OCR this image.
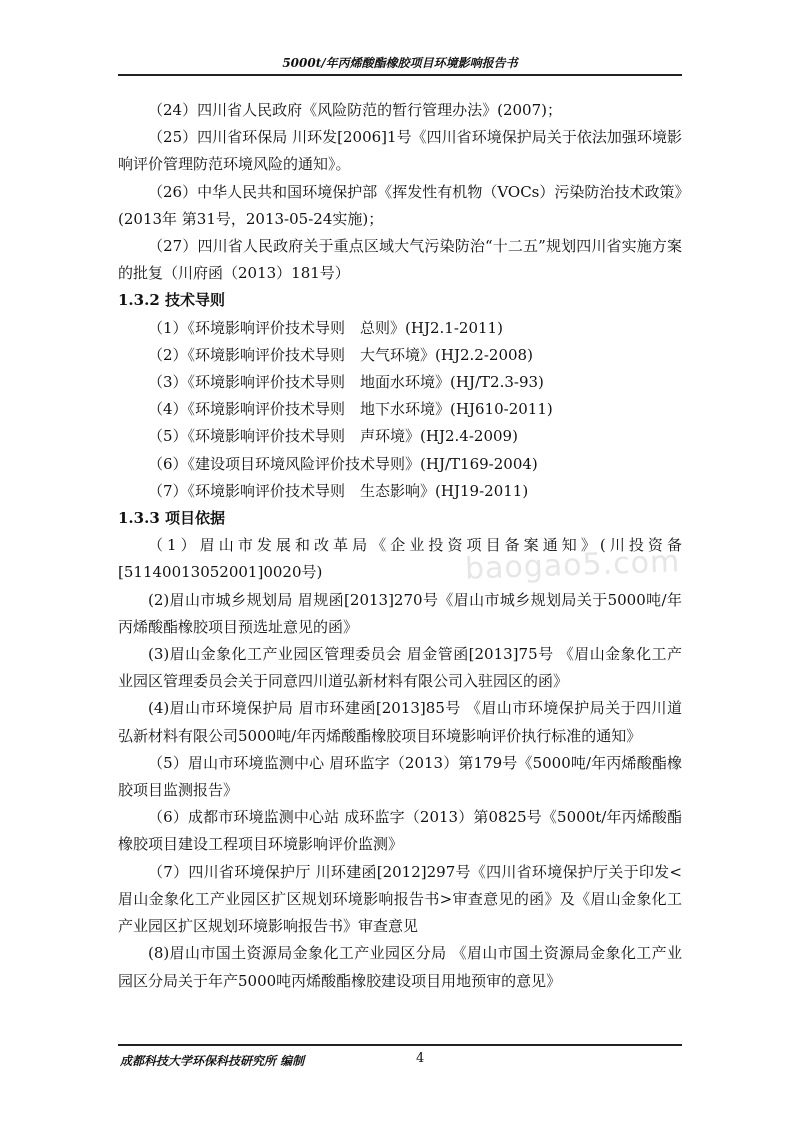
5000t/年丙烯酸酯橡胶项目环境影响报告书
baogao5.com

（24）四川省人民政府《风险防范的暂行管理办法》(2007)；

（25）四川省环保局 川环发[2006]1号《四川省环境保护局关于依法加强环境影响评价管理防范环境风险的通知》。

（26）中华人民共和国环境保护部《挥发性有机物（VOCs）污染防治技术政策》(2013年 第31号，2013-05-24实施)；

（27）四川省人民政府关于重点区域大气污染防治“十二五”规划四川省实施方案的批复（川府函（2013）181号）

1.3.2 技术导则

（1）《环境影响评价技术导则　总则》(HJ2.1-2011)

（2）《环境影响评价技术导则　大气环境》(HJ2.2-2008)

（3）《环境影响评价技术导则　地面水环境》(HJ/T2.3-93)

（4）《环境影响评价技术导则　地下水环境》(HJ610-2011)

（5）《环境影响评价技术导则　声环境》(HJ2.4-2009)

（6）《建设项目环境风险评价技术导则》(HJ/T169-2004)

（7）《环境影响评价技术导则　生态影响》(HJ19-2011)

1.3.3 项目依据

（1）眉山市发展和改革局《企业投资项目备案通知》(川投资备[51140013052001]0020号)

(2)眉山市城乡规划局 眉规函[2013]270号《眉山市城乡规划局关于5000吨/年丙烯酸酯橡胶项目预选址意见的函》

(3)眉山金象化工产业园区管理委员会 眉金管函[2013]75号 《眉山金象化工产业园区管理委员会关于同意四川道弘新材料有限公司入驻园区的函》

(4)眉山市环境保护局 眉市环建函[2013]85号 《眉山市环境保护局关于四川道弘新材料有限公司5000吨/年丙烯酸酯橡胶项目环境影响评价执行标准的通知》

（5）眉山市环境监测中心 眉环监字（2013）第179号《5000吨/年丙烯酸酯橡胶项目监测报告》

（6）成都市环境监测中心站 成环监字（2013）第0825号《5000t/年丙烯酸酯橡胶项目建设工程项目环境影响评价监测》

（7）四川省环境保护厅 川环建函[2012]297号《四川省环境保护厅关于印发<眉山金象化工产业园区扩区规划环境影响报告书>审查意见的函》及《眉山金象化工产业园区扩区规划环境影响报告书》审查意见

(8)眉山市国土资源局金象化工产业园区分局 《眉山市国土资源局金象化工产业园区分局关于年产5000吨丙烯酸酯橡胶建设项目用地预审的意见》

成都科技大学环保科技研究所 编制	4
